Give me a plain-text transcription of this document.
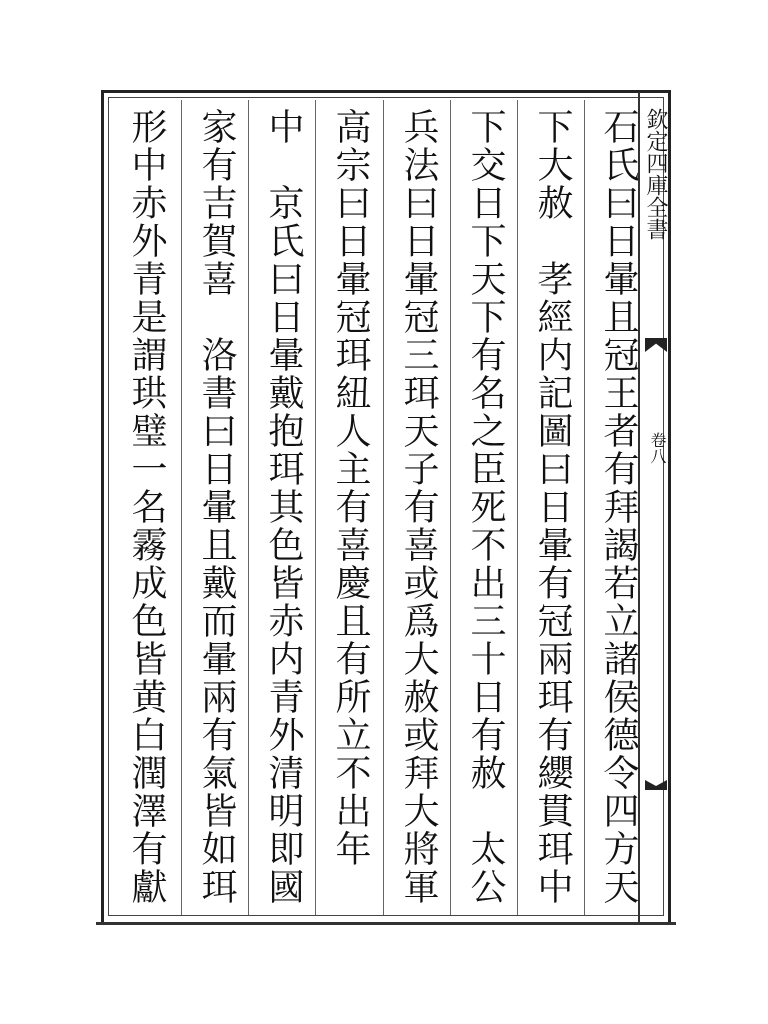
欽定四庫全書
卷八
石氏曰日暈且冠王者有拜謁若立諸侯德令四方天
下大赦　孝經内記圖曰日暈有冠兩珥有纓貫珥中
下交日下天下有名之臣死不出三十日有赦　太公
兵法曰日暈冠三珥天子有喜或爲大赦或拜大將軍
高宗曰日暈冠珥紐人主有喜慶且有所立不出年
中　京氏曰日暈戴抱珥其色皆赤内青外清明即國
家有吉賀喜　洛書曰日暈且戴而暈兩有氣皆如珥
形中赤外青是謂珙璧一名霧成色皆黄白潤澤有獻
